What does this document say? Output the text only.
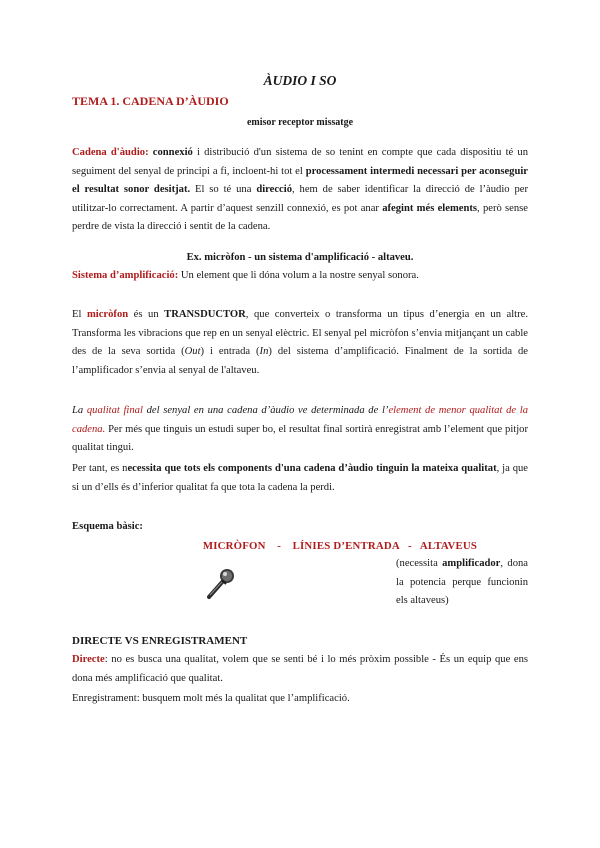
ÀUDIO I SO
TEMA 1. CADENA D’ÀUDIO
emisor receptor missatge
Cadena d'àudio: connexió i distribució d'un sistema de so tenint en compte que cada dispositiu té un seguiment del senyal de principi a fi, incloent-hi tot el processament intermedi necessari per aconseguir el resultat sonor desitjat. El so té una direcció, hem de saber identificar la direcció de l’àudio per utilitzar-lo correctament. A partir d’aquest senzill connexió, es pot anar afegint més elements, però sense perdre de vista la direcció i sentit de la cadena.
Ex. micròfon - un sistema d'amplificació - altaveu.
Sistema d’amplificació: Un element que li dóna volum a la nostre senyal sonora.
El micròfon és un TRANSDUCTOR, que converteix o transforma un tipus d’energia en un altre. Transforma les vibracions que rep en un senyal elèctric. El senyal pel micròfon s’envia mitjançant un cable des de la seva sortida (Out) i entrada (In) del sistema d’amplificació. Finalment de la sortida de l’amplificador s’envia al senyal de l'altaveu.
La qualitat final del senyal en una cadena d’àudio ve determinada de l’element de menor qualitat de la cadena. Per més que tinguis un estudi super bo, el resultat final sortirà enregistrat amb l’element que pitjor qualitat tingui.
Per tant, es necessita que tots els components d'una cadena d’àudio tinguin la mateixa qualitat, ja que si un d’ells és d’inferior qualitat fa que tota la cadena la perdi.
Esquema bàsic:
MICRÒFON    -    LÍNIES D’ENTRADA   -   ALTAVEUS
(necessita amplificador, dona la potencia perque funcionin els altaveus)
DIRECTE VS ENREGISTRAMENT
Directe: no es busca una qualitat, volem que se senti bé i lo més pròxim possible - És un equip que ens dona més amplificació que qualitat.
Enregistrament: busquem molt més la qualitat que l’amplificació.
